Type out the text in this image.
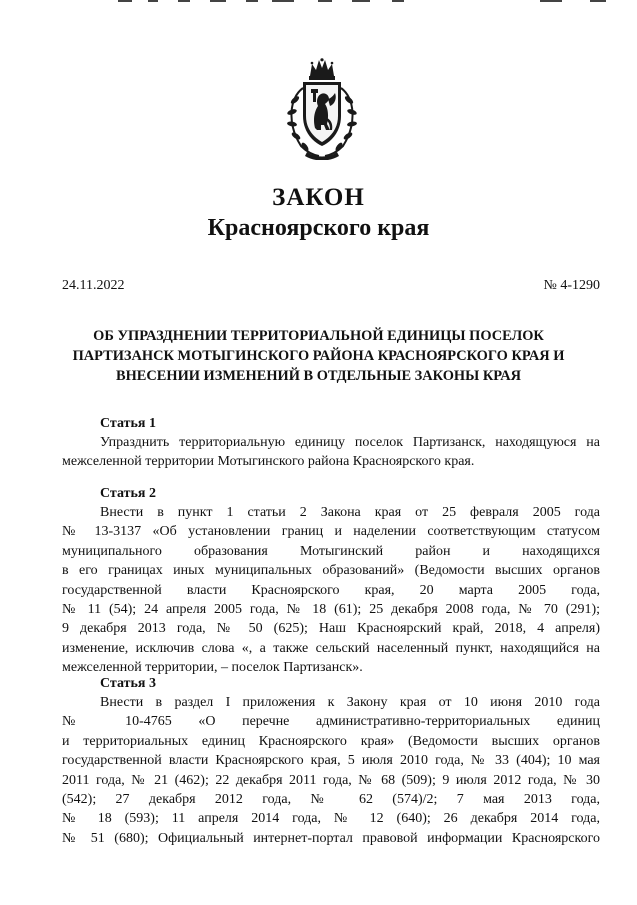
ЗАКОН
Красноярского края
24.11.2022	№ 4-1290
ОБ УПРАЗДНЕНИИ ТЕРРИТОРИАЛЬНОЙ ЕДИНИЦЫ ПОСЕЛОК
ПАРТИЗАНСК МОТЫГИНСКОГО РАЙОНА КРАСНОЯРСКОГО КРАЯ И
ВНЕСЕНИИ ИЗМЕНЕНИЙ В ОТДЕЛЬНЫЕ ЗАКОНЫ КРАЯ

Статья 1

Упразднить территориальную единицу поселок Партизанск, находящуюся на
межселенной территории Мотыгинского района Красноярского края.

Статья 2

Внести в пункт 1 статьи 2 Закона края от 25 февраля 2005 года
№ 13-3137 «Об установлении границ и наделении соответствующим статусом
муниципального образования Мотыгинский район и находящихся
в его границах иных муниципальных образований» (Ведомости высших органов
государственной власти Красноярского края, 20 марта 2005 года,
№ 11 (54); 24 апреля 2005 года, № 18 (61); 25 декабря 2008 года, № 70 (291);
9 декабря 2013 года, № 50 (625); Наш Красноярский край, 2018, 4 апреля)
изменение, исключив слова «, а также сельский населенный пункт, находящийся на
межселенной территории, – поселок Партизанск».

Статья 3

Внести в раздел I приложения к Закону края от 10 июня 2010 года
№ 10-4765 «О перечне административно-территориальных единиц
и территориальных единиц Красноярского края» (Ведомости высших органов
государственной власти Красноярского края, 5 июля 2010 года, № 33 (404); 10 мая
2011 года, № 21 (462); 22 декабря 2011 года, № 68 (509); 9 июля 2012 года, № 30
(542); 27 декабря 2012 года, № 62 (574)/2; 7 мая 2013 года,
№ 18 (593); 11 апреля 2014 года, № 12 (640); 26 декабря 2014 года,
№ 51 (680); Официальный интернет-портал правовой информации Красноярского
